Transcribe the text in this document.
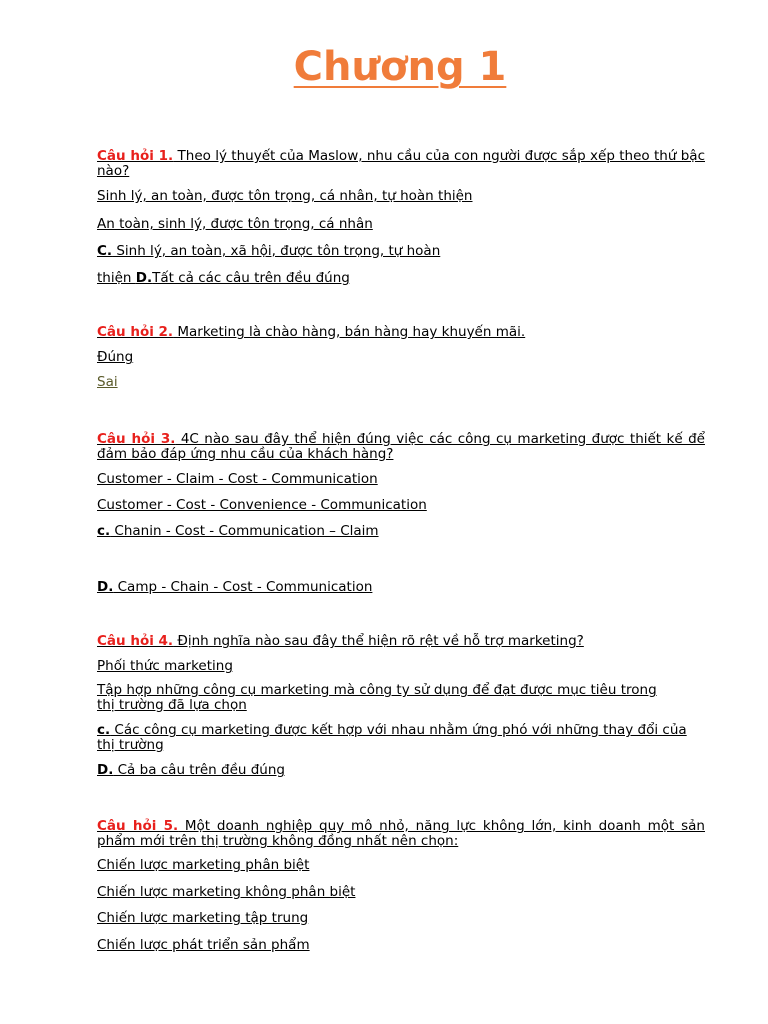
Chương 1
Câu hỏi 1. Theo lý thuyết của Maslow, nhu cầu của con người được sắp xếp theo thứ bậc nào?
Sinh lý, an toàn, được tôn trọng, cá nhân, tự hoàn thiện
An toàn, sinh lý, được tôn trọng, cá nhân
C. Sinh lý, an toàn, xã hội, được tôn trọng, tự hoàn
thiện D.Tất cả các câu trên đều đúng
Câu hỏi 2. Marketing là chào hàng, bán hàng hay khuyến mãi.
Đúng
Sai
Câu hỏi 3. 4C nào sau đây thể hiện đúng việc các công cụ marketing được thiết kế để đảm bảo đáp ứng nhu cầu của khách hàng?
Customer - Claim - Cost - Communication
Customer - Cost - Convenience - Communication
c. Chanin - Cost - Communication – Claim
D. Camp - Chain - Cost - Communication
Câu hỏi 4. Định nghĩa nào sau đây thể hiện rõ rệt về hỗ trợ marketing?
Phối thức marketing
Tập hợp những công cụ marketing mà công ty sử dụng để đạt được mục tiêu trong thị trường đã lựa chọn
c. Các công cụ marketing được kết hợp với nhau nhằm ứng phó với những thay đổi của thị trường
D. Cả ba câu trên đều đúng
Câu hỏi 5. Một doanh nghiệp quy mô nhỏ, năng lực không lớn, kinh doanh một sản phẩm mới trên thị trường không đồng nhất nên chọn:
Chiến lược marketing phân biệt
Chiến lược marketing không phân biệt
Chiến lược marketing tập trung
Chiến lược phát triển sản phẩm
